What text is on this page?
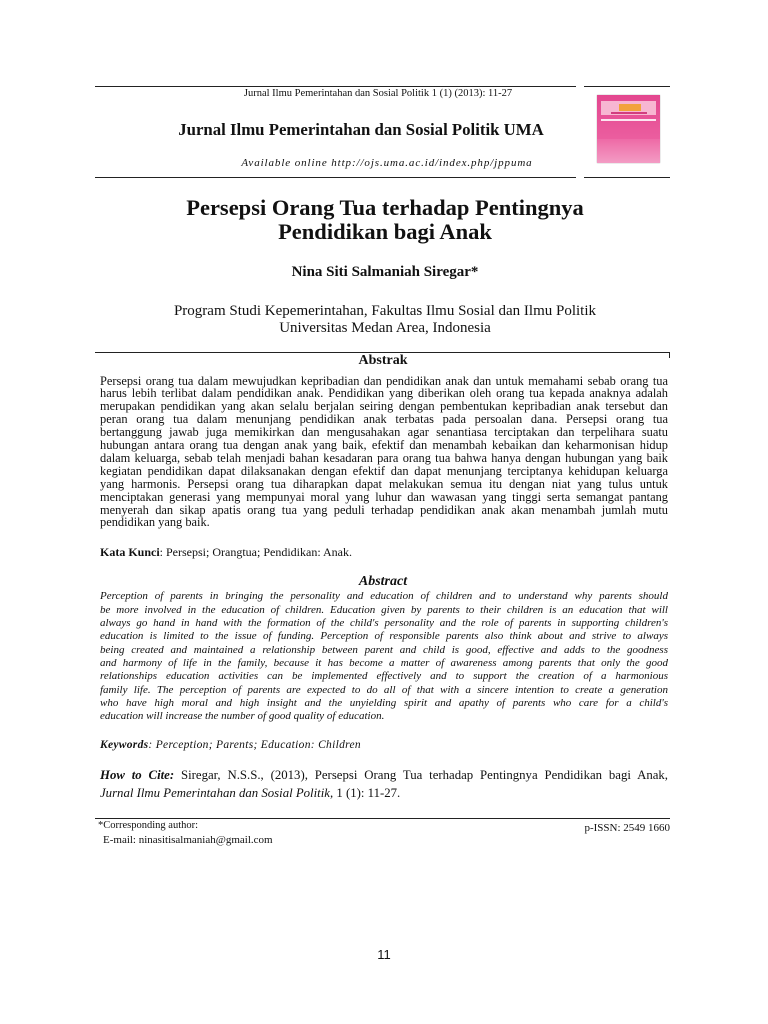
Jurnal Ilmu Pemerintahan dan Sosial Politik 1 (1) (2013): 11-27
Jurnal Ilmu Pemerintahan dan Sosial Politik UMA
Available online http://ojs.uma.ac.id/index.php/jppuma
Persepsi Orang Tua terhadap Pentingnya
Pendidikan bagi Anak
Nina Siti Salmaniah Siregar*
Program Studi Kepemerintahan, Fakultas Ilmu Sosial dan Ilmu Politik
Universitas Medan Area, Indonesia
Abstrak
Persepsi orang tua dalam mewujudkan kepribadian dan pendidikan anak dan untuk memahami sebab orang tua
harus lebih terlibat dalam pendidikan anak. Pendidikan yang diberikan oleh orang tua kepada anaknya adalah
merupakan pendidikan yang akan selalu berjalan seiring dengan pembentukan kepribadian anak tersebut dan
peran orang tua dalam menunjang pendidikan anak terbatas pada persoalan dana. Persepsi orang tua
bertanggung jawab juga memikirkan dan mengusahakan agar senantiasa terciptakan dan terpelihara suatu
hubungan antara orang tua dengan anak yang baik, efektif dan menambah kebaikan dan keharmonisan hidup
dalam keluarga, sebab telah menjadi bahan kesadaran para orang tua bahwa hanya dengan hubungan yang baik
kegiatan pendidikan dapat dilaksanakan dengan efektif dan dapat menunjang terciptanya kehidupan keluarga
yang harmonis. Persepsi orang tua diharapkan dapat melakukan semua itu dengan niat yang tulus untuk
menciptakan generasi yang mempunyai moral yang luhur dan wawasan yang tinggi serta semangat pantang
menyerah dan sikap apatis orang tua yang peduli terhadap pendidikan anak akan menambah jumlah mutu
pendidikan yang baik.
Kata Kunci: Persepsi; Orangtua; Pendidikan: Anak.
Abstract
Perception of parents in bringing the personality and education of children and to understand why parents should
be more involved in the education of children. Education given by parents to their children is an education that will
always go hand in hand with the formation of the child's personality and the role of parents in supporting children's
education is limited to the issue of funding. Perception of responsible parents also think about and strive to always
being created and maintained a relationship between parent and child is good, effective and adds to the goodness
and harmony of life in the family, because it has become a matter of awareness among parents that only the good
relationships education activities can be implemented effectively and to support the creation of a harmonious
family life. The perception of parents are expected to do all of that with a sincere intention to create a generation
who have high moral and high insight and the unyielding spirit and apathy of parents who care for a child's
education will increase the number of good quality of education.
Keywords: Perception; Parents; Education: Children
How to Cite: Siregar, N.S.S., (2013), Persepsi Orang Tua terhadap Pentingnya Pendidikan bagi Anak,
Jurnal Ilmu Pemerintahan dan Sosial Politik, 1 (1): 11-27.
*Corresponding author:	p-ISSN: 2549 1660
E-mail: ninasitisalmaniah@gmail.com
11
